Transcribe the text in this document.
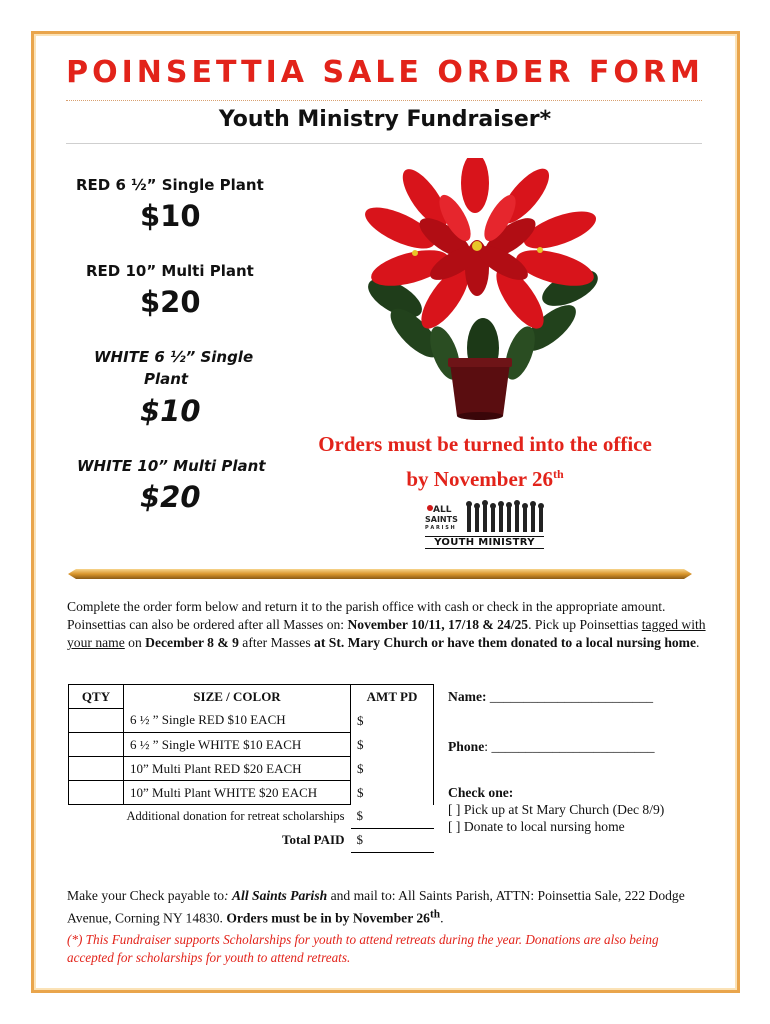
POINSETTIA SALE ORDER FORM
Youth Ministry Fundraiser*
RED 6 ½” Single Plant
$10
RED 10” Multi Plant
$20
WHITE 6 ½” Single
Plant
$10
WHITE 10” Multi Plant
$20
Orders must be turned into the office
by November 26th
ALL
SAINTS
P A R I S H
YOUTH MINISTRY
Complete the order form below and return it to the parish office with cash or check in the appropriate amount. Poinsettias can also be ordered after all Masses on: November 10/11, 17/18 & 24/25. Pick up Poinsettias tagged with your name on December 8 & 9 after Masses at St. Mary Church or have them donated to a local nursing home.
QTY	SIZE / COLOR	AMT PD
	6 ½ ” Single RED $10 EACH	$
	6 ½ ” Single WHITE $10 EACH	$
	10” Multi Plant RED $20 EACH	$
	10” Multi Plant WHITE $20 EACH	$
Additional donation for retreat scholarships		$
Total PAID		$
Name: ________________________
Phone: ________________________
Check one:
[ ] Pick up at St Mary Church (Dec 8/9)
[ ] Donate to local nursing home
Make your Check payable to: All Saints Parish and mail to: All Saints Parish, ATTN: Poinsettia Sale, 222 Dodge Avenue, Corning NY 14830. Orders must be in by November 26th.
(*) This Fundraiser supports Scholarships for youth to attend retreats during the year. Donations are also being accepted for scholarships for youth to attend retreats.
